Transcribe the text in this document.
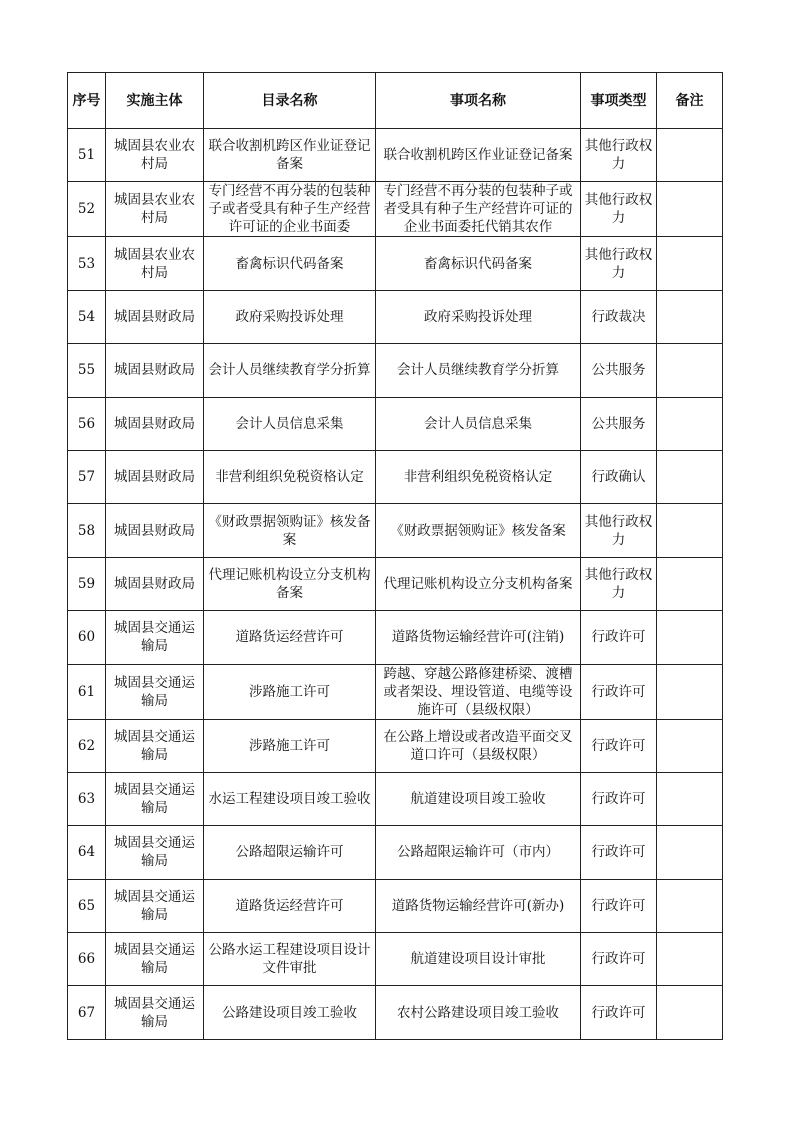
序号	实施主体	目录名称	事项名称	事项类型	备注

51	城固县农业农村局	联合收割机跨区作业证登记备案	联合收割机跨区作业证登记备案	其他行政权力	

52	城固县农业农村局	专门经营不再分装的包装种子或者受具有种子生产经营许可证的企业书面委	专门经营不再分装的包装种子或者受具有种子生产经营许可证的企业书面委托代销其农作	其他行政权力	

53	城固县农业农村局	畜禽标识代码备案	畜禽标识代码备案	其他行政权力	

54	城固县财政局	政府采购投诉处理	政府采购投诉处理	行政裁决	

55	城固县财政局	会计人员继续教育学分折算	会计人员继续教育学分折算	公共服务	

56	城固县财政局	会计人员信息采集	会计人员信息采集	公共服务	

57	城固县财政局	非营利组织免税资格认定	非营利组织免税资格认定	行政确认	

58	城固县财政局	《财政票据领购证》核发备案	《财政票据领购证》核发备案	其他行政权力	

59	城固县财政局	代理记账机构设立分支机构备案	代理记账机构设立分支机构备案	其他行政权力	

60	城固县交通运输局	道路货运经营许可	道路货物运输经营许可(注销)	行政许可	

61	城固县交通运输局	涉路施工许可	跨越、穿越公路修建桥梁、渡槽或者架设、埋设管道、电缆等设施许可（县级权限）	行政许可	

62	城固县交通运输局	涉路施工许可	在公路上增设或者改造平面交叉道口许可（县级权限）	行政许可	

63	城固县交通运输局	水运工程建设项目竣工验收	航道建设项目竣工验收	行政许可	

64	城固县交通运输局	公路超限运输许可	公路超限运输许可（市内）	行政许可	

65	城固县交通运输局	道路货运经营许可	道路货物运输经营许可(新办)	行政许可	

66	城固县交通运输局	公路水运工程建设项目设计文件审批	航道建设项目设计审批	行政许可	

67	城固县交通运输局	公路建设项目竣工验收	农村公路建设项目竣工验收	行政许可	
